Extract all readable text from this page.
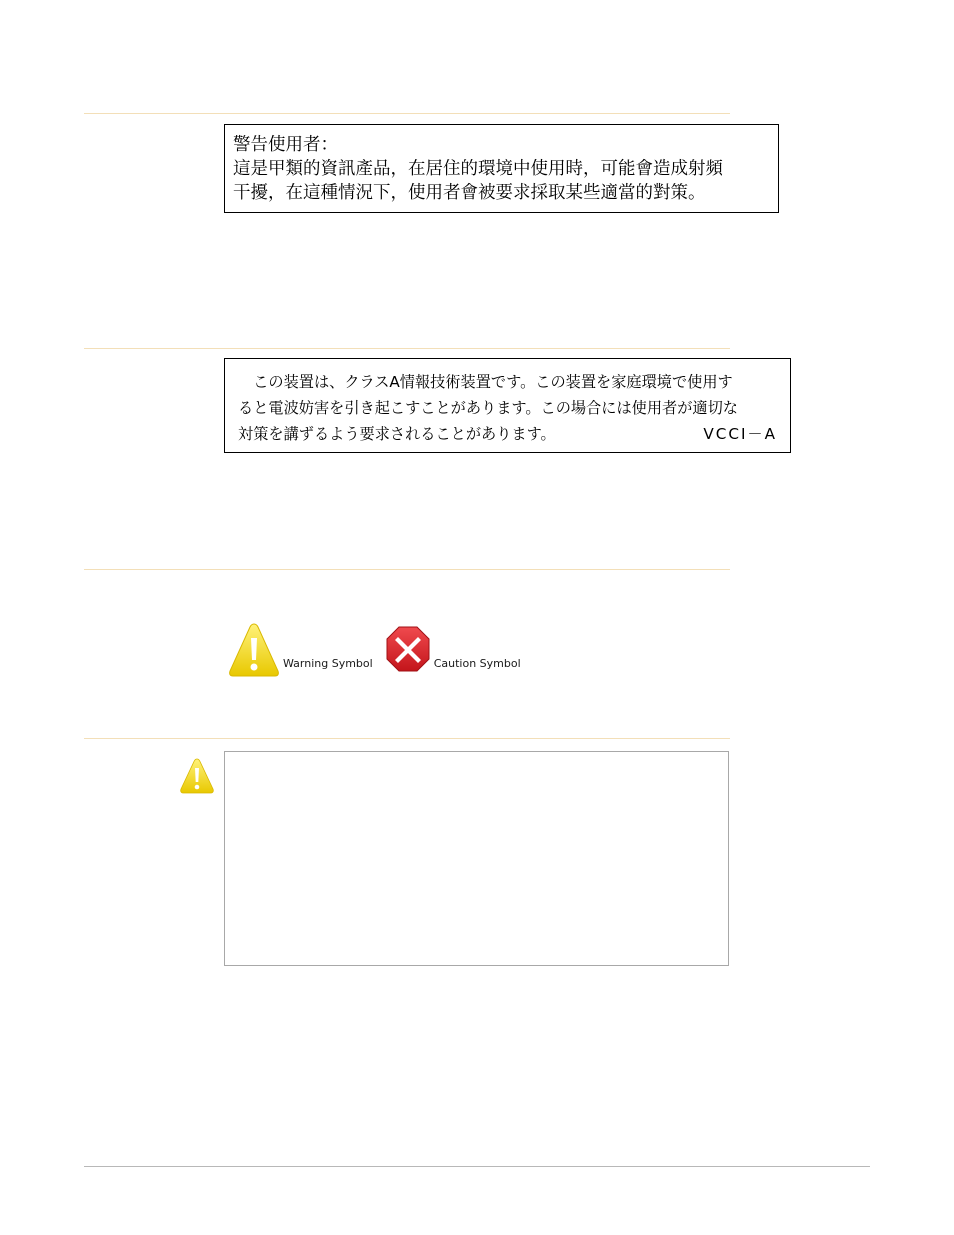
警告使用者：

這是甲類的資訊產品，在居住的環境中使用時，可能會造成射頻

干擾，在這種情況下，使用者會被要求採取某些適當的對策。

この装置は、クラスA情報技術装置です。この装置を家庭環境で使用す
ると電波妨害を引き起こすことがあります。この場合には使用者が適切な
対策を講ずるよう要求されることがあります。	VCCI－A
Warning Symbol	Caution Symbol
